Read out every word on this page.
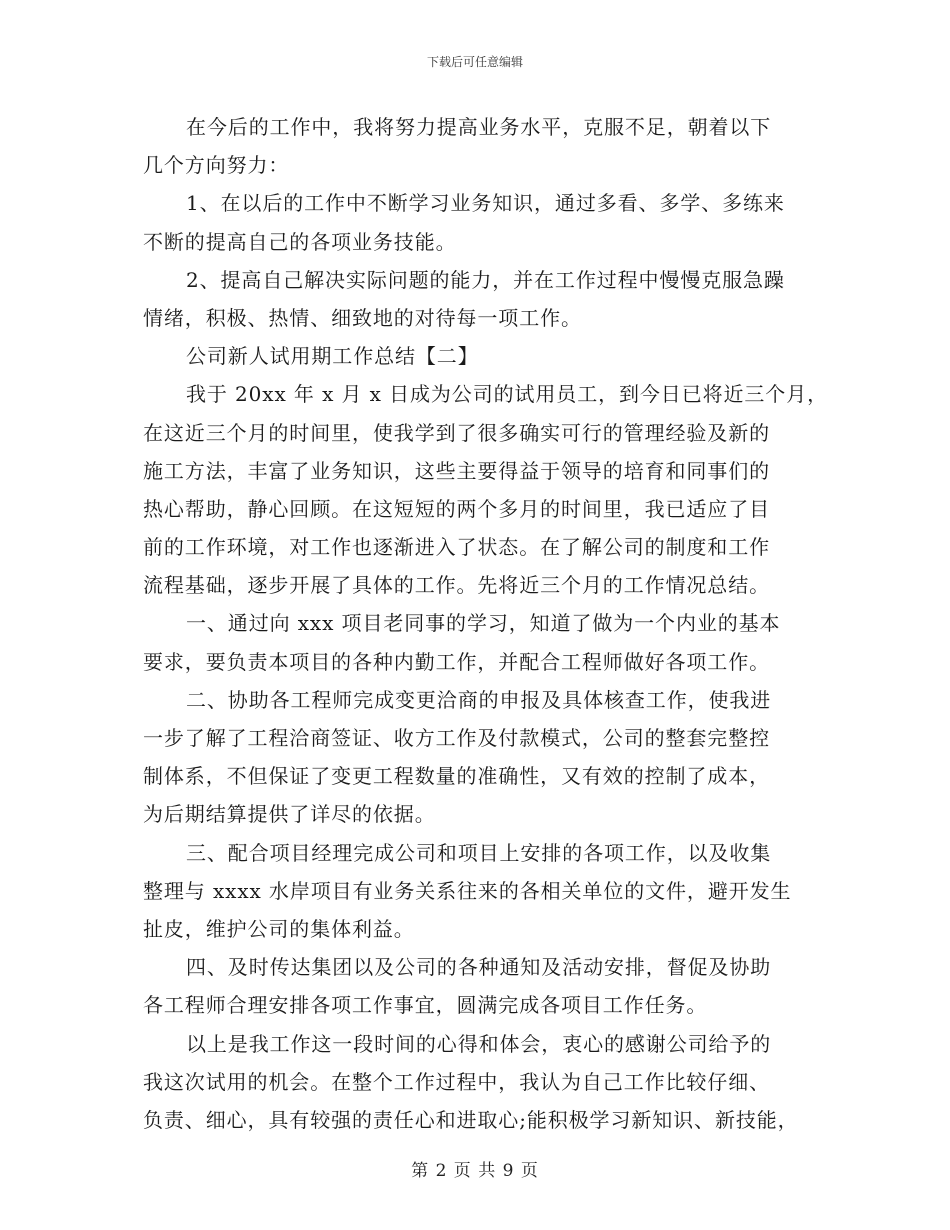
下载后可任意编辑
在今后的工作中，我将努力提高业务水平，克服不足，朝着以下
几个方向努力：
1、在以后的工作中不断学习业务知识，通过多看、多学、多练来
不断的提高自己的各项业务技能。
2、提高自己解决实际问题的能力，并在工作过程中慢慢克服急躁
情绪，积极、热情、细致地的对待每一项工作。
公司新人试用期工作总结【二】
我于 20xx 年 x 月 x 日成为公司的试用员工，到今日已将近三个月，
在这近三个月的时间里，使我学到了很多确实可行的管理经验及新的
施工方法，丰富了业务知识，这些主要得益于领导的培育和同事们的
热心帮助，静心回顾。在这短短的两个多月的时间里，我已适应了目
前的工作环境，对工作也逐渐进入了状态。在了解公司的制度和工作
流程基础，逐步开展了具体的工作。先将近三个月的工作情况总结。
一、通过向 xxx 项目老同事的学习，知道了做为一个内业的基本
要求，要负责本项目的各种内勤工作，并配合工程师做好各项工作。
二、协助各工程师完成变更洽商的申报及具体核查工作，使我进
一步了解了工程洽商签证、收方工作及付款模式，公司的整套完整控
制体系，不但保证了变更工程数量的准确性，又有效的控制了成本，
为后期结算提供了详尽的依据。
三、配合项目经理完成公司和项目上安排的各项工作，以及收集
整理与 xxxx 水岸项目有业务关系往来的各相关单位的文件，避开发生
扯皮，维护公司的集体利益。
四、及时传达集团以及公司的各种通知及活动安排，督促及协助
各工程师合理安排各项工作事宜，圆满完成各项目工作任务。
以上是我工作这一段时间的心得和体会，衷心的感谢公司给予的
我这次试用的机会。在整个工作过程中，我认为自己工作比较仔细、
负责、细心，具有较强的责任心和进取心;能积极学习新知识、新技能，
第 2 页 共 9 页
